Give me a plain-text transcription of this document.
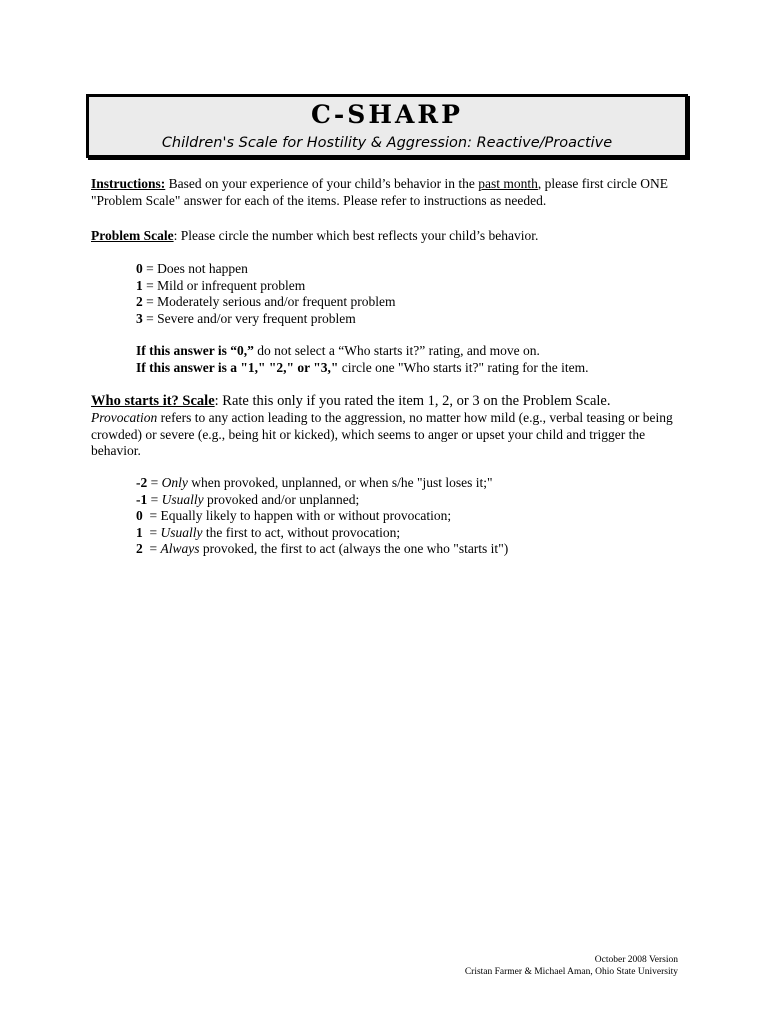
C-SHARP
Children's Scale for Hostility & Aggression: Reactive/Proactive
Instructions: Based on your experience of your child’s behavior in the past month, please first circle ONE "Problem Scale" answer for each of the items. Please refer to instructions as needed.
Problem Scale: Please circle the number which best reflects your child’s behavior.
0 = Does not happen
1 = Mild or infrequent problem
2 = Moderately serious and/or frequent problem
3 = Severe and/or very frequent problem
If this answer is “0,” do not select a “Who starts it?” rating, and move on.
If this answer is a "1," "2," or "3," circle one "Who starts it?" rating for the item.
Who starts it? Scale: Rate this only if you rated the item 1, 2, or 3 on the Problem Scale.
Provocation refers to any action leading to the aggression, no matter how mild (e.g., verbal teasing or being crowded) or severe (e.g., being hit or kicked), which seems to anger or upset your child and trigger the behavior.
-2 = Only when provoked, unplanned, or when s/he "just loses it;"
-1 = Usually provoked and/or unplanned;
0  = Equally likely to happen with or without provocation;
1  = Usually the first to act, without provocation;
2  = Always provoked, the first to act (always the one who "starts it")
October 2008 Version
Cristan Farmer & Michael Aman, Ohio State University
